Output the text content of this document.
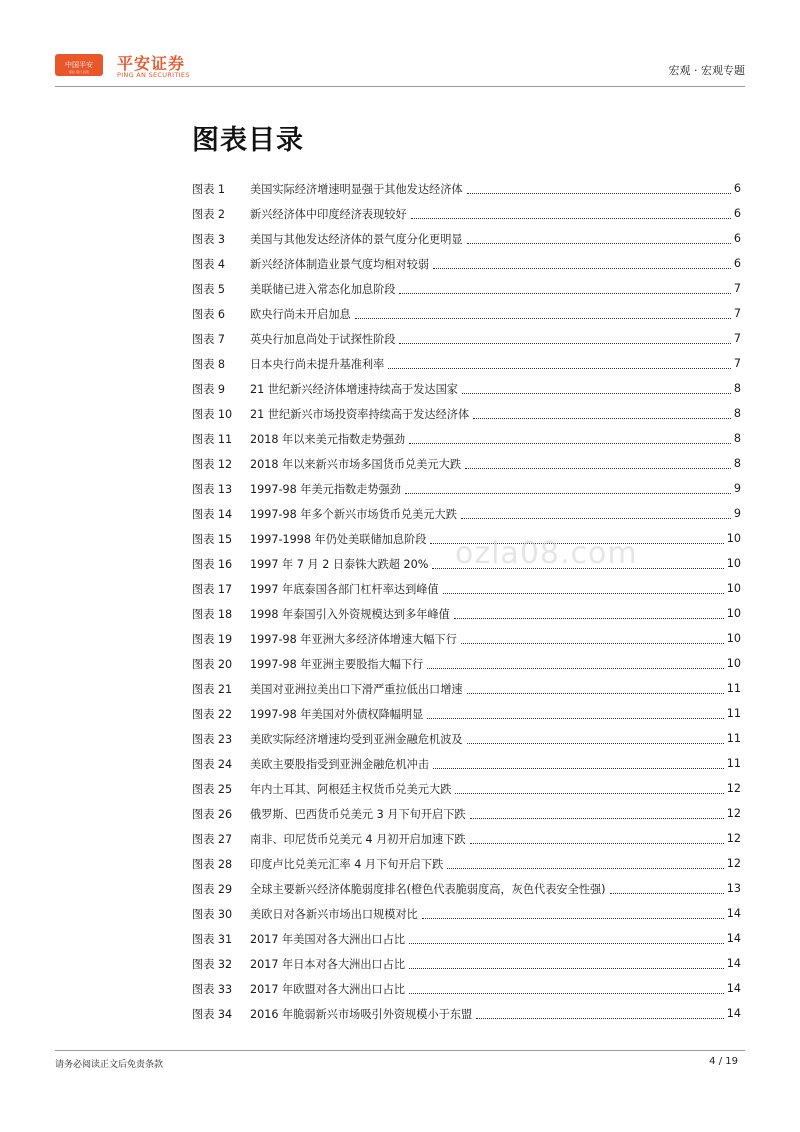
中国平安
保险·银行·投资	平安证券
PING AN SECURITIES	宏观 · 宏观专题
图表目录
图表 1	美国实际经济增速明显强于其他发达经济体	6
图表 2	新兴经济体中印度经济表现较好	6
图表 3	美国与其他发达经济体的景气度分化更明显	6
图表 4	新兴经济体制造业景气度均相对较弱	6
图表 5	美联储已进入常态化加息阶段	7
图表 6	欧央行尚未开启加息	7
图表 7	英央行加息尚处于试探性阶段	7
图表 8	日本央行尚未提升基准利率	7
图表 9	21 世纪新兴经济体增速持续高于发达国家	8
图表 10	21 世纪新兴市场投资率持续高于发达经济体	8
图表 11	2018 年以来美元指数走势强劲	8
图表 12	2018 年以来新兴市场多国货币兑美元大跌	8
图表 13	1997-98 年美元指数走势强劲	9
图表 14	1997-98 年多个新兴市场货币兑美元大跌	9
图表 15	1997-1998 年仍处美联储加息阶段	10
图表 16	1997 年 7 月 2 日泰铢大跌超 20%	10
图表 17	1997 年底泰国各部门杠杆率达到峰值	10
图表 18	1998 年泰国引入外资规模达到多年峰值	10
图表 19	1997-98 年亚洲大多经济体增速大幅下行	10
图表 20	1997-98 年亚洲主要股指大幅下行	10
图表 21	美国对亚洲拉美出口下滑严重拉低出口增速	11
图表 22	1997-98 年美国对外债权降幅明显	11
图表 23	美欧实际经济增速均受到亚洲金融危机波及	11
图表 24	美欧主要股指受到亚洲金融危机冲击	11
图表 25	年内土耳其、阿根廷主权货币兑美元大跌	12
图表 26	俄罗斯、巴西货币兑美元 3 月下旬开启下跌	12
图表 27	南非、印尼货币兑美元 4 月初开启加速下跌	12
图表 28	印度卢比兑美元汇率 4 月下旬开启下跌	12
图表 29	全球主要新兴经济体脆弱度排名(橙色代表脆弱度高，灰色代表安全性强)	13
图表 30	美欧日对各新兴市场出口规模对比	14
图表 31	2017 年美国对各大洲出口占比	14
图表 32	2017 年日本对各大洲出口占比	14
图表 33	2017 年欧盟对各大洲出口占比	14
图表 34	2016 年脆弱新兴市场吸引外资规模小于东盟	14
ozla08.com
请务必阅读正文后免责条款	4 / 19
